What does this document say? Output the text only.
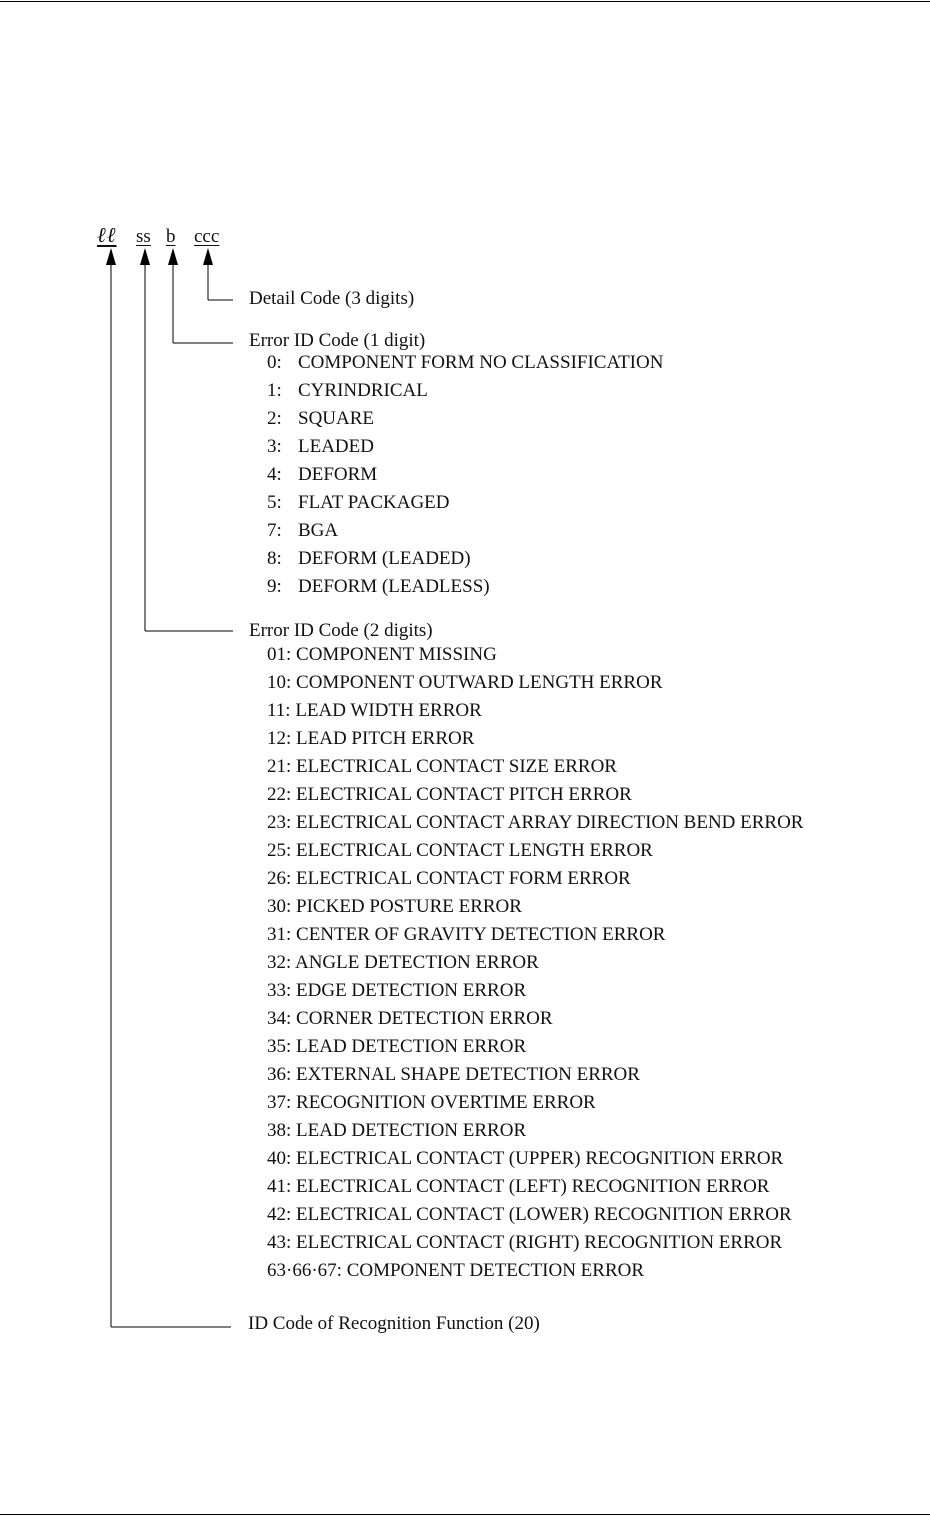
ℓℓ ss b ccc
Detail Code (3 digits)
Error ID Code (1 digit)
0: COMPONENT FORM NO CLASSIFICATION
1: CYRINDRICAL
2: SQUARE
3: LEADED
4: DEFORM
5: FLAT PACKAGED
7: BGA
8: DEFORM (LEADED)
9: DEFORM (LEADLESS)
Error ID Code (2 digits)
01: COMPONENT MISSING
10: COMPONENT OUTWARD LENGTH ERROR
11: LEAD WIDTH ERROR
12: LEAD PITCH ERROR
21: ELECTRICAL CONTACT SIZE ERROR
22: ELECTRICAL CONTACT PITCH ERROR
23: ELECTRICAL CONTACT ARRAY DIRECTION BEND ERROR
25: ELECTRICAL CONTACT LENGTH ERROR
26: ELECTRICAL CONTACT FORM ERROR
30: PICKED POSTURE ERROR
31: CENTER OF GRAVITY DETECTION ERROR
32: ANGLE DETECTION ERROR
33: EDGE DETECTION ERROR
34: CORNER DETECTION ERROR
35: LEAD DETECTION ERROR
36: EXTERNAL SHAPE DETECTION ERROR
37: RECOGNITION OVERTIME ERROR
38: LEAD DETECTION ERROR
40: ELECTRICAL CONTACT (UPPER) RECOGNITION ERROR
41: ELECTRICAL CONTACT (LEFT) RECOGNITION ERROR
42: ELECTRICAL CONTACT (LOWER) RECOGNITION ERROR
43: ELECTRICAL CONTACT (RIGHT) RECOGNITION ERROR
63·66·67: COMPONENT DETECTION ERROR
ID Code of Recognition Function (20)
